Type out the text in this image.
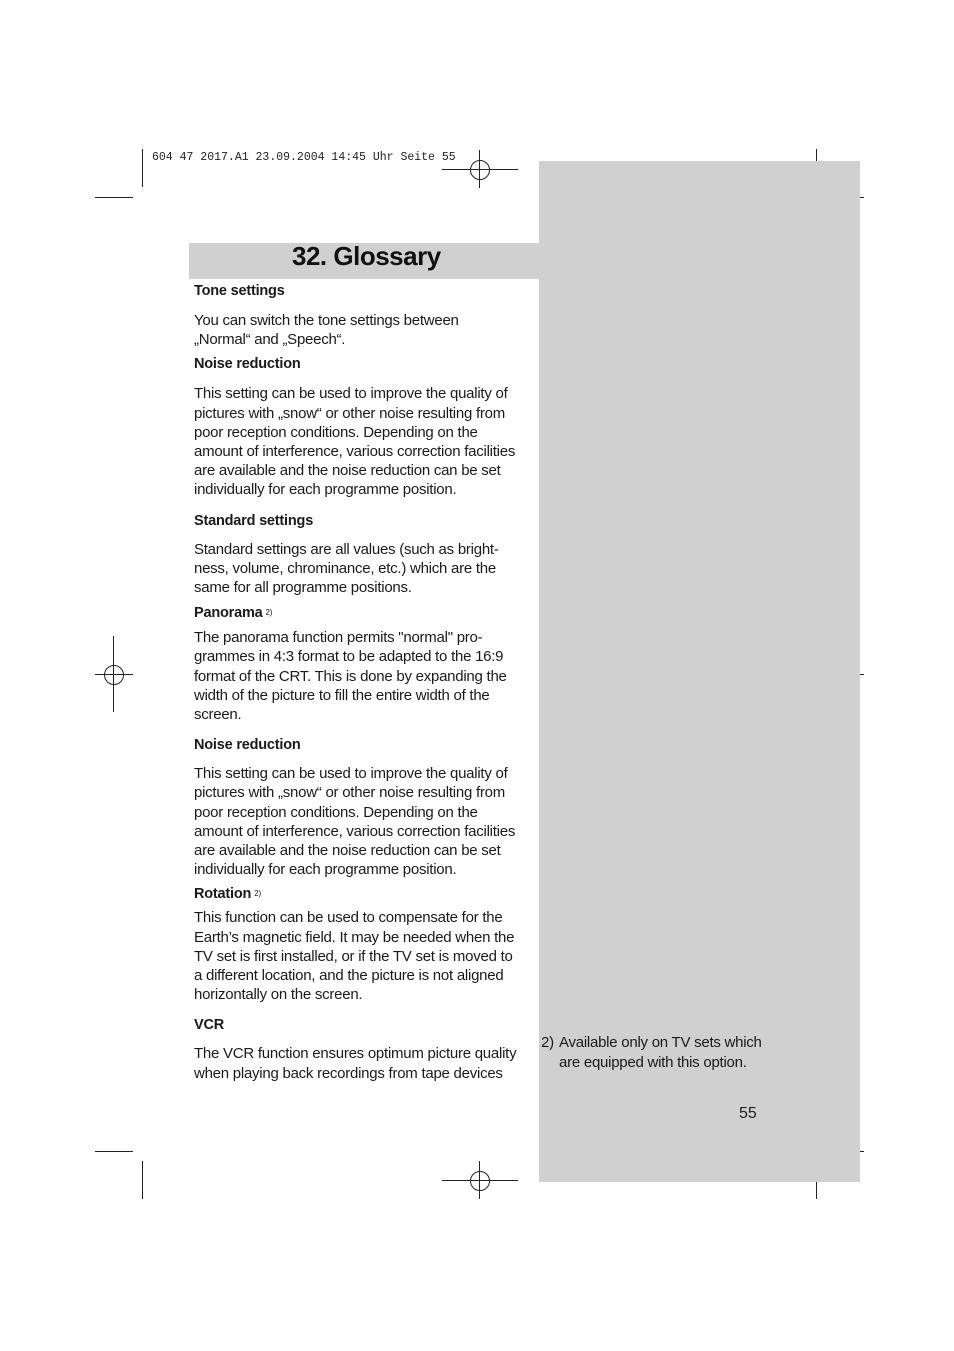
604 47 2017.A1 23.09.2004 14:45 Uhr Seite 55
32. Glossary
Tone settings
You can switch the tone settings between
„Normal“ and „Speech“.
Noise reduction
This setting can be used to improve the quality of
pictures with „snow“ or other noise resulting from
poor reception conditions. Depending on the
amount of interference, various correction facilities
are available and the noise reduction can be set
individually for each programme position.
Standard settings
Standard settings are all values (such as bright-
ness, volume, chrominance, etc.) which are the
same for all programme positions.
Panorama $^{2)}$
The panorama function permits "normal" pro-
grammes in 4:3 format to be adapted to the 16:9
format of the CRT. This is done by expanding the
width of the picture to fill the entire width of the
screen.
Noise reduction
This setting can be used to improve the quality of
pictures with „snow“ or other noise resulting from
poor reception conditions. Depending on the
amount of interference, various correction facilities
are available and the noise reduction can be set
individually for each programme position.
Rotation $^{2)}$
This function can be used to compensate for the
Earth’s magnetic field. It may be needed when the
TV set is first installed, or if the TV set is moved to
a different location, and the picture is not aligned
horizontally on the screen.
VCR
The VCR function ensures optimum picture quality
when playing back recordings from tape devices
2) Available only on TV sets which are equipped with this option.
55
